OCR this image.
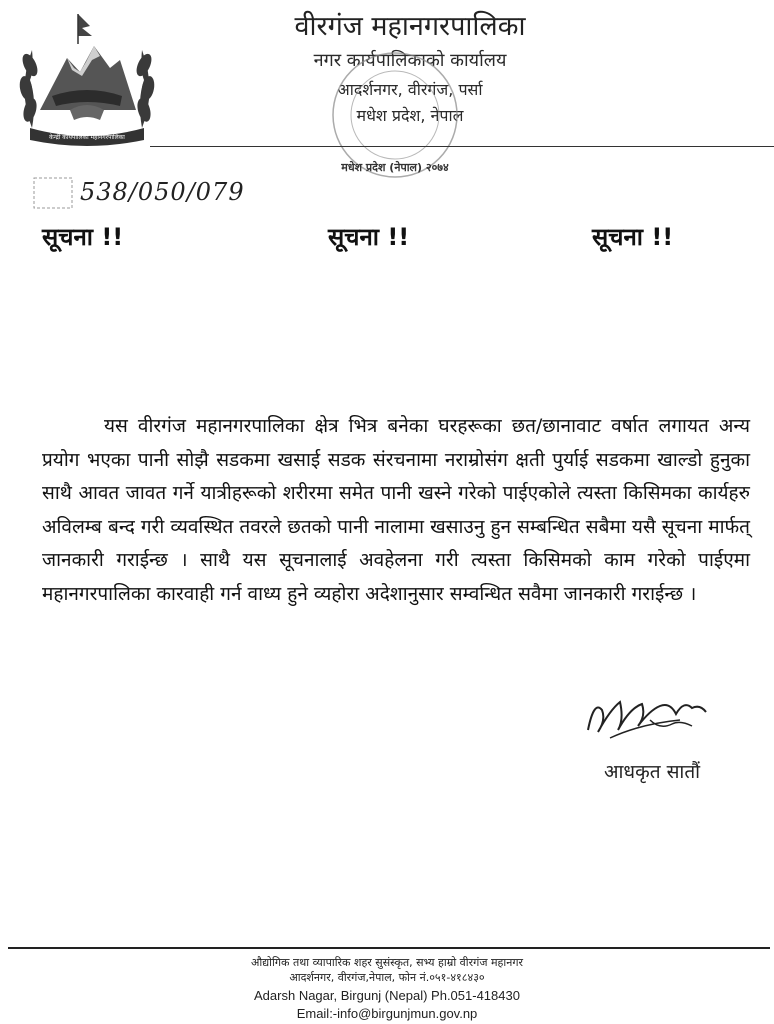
केन्द्री कार्यपालिका महानगरपालिका
वीरगंज महानगरपालिका
नगर कार्यपालिकाको कार्यालय
आदर्शनगर, वीरगंज, पर्सा
मधेश प्रदेश, नेपाल
मधेश प्रदेश (नेपाल) २०७४
538/050/079
सूचना !!	सूचना !!	सूचना !!

यस वीरगंज महानगरपालिका क्षेत्र भित्र बनेका घरहरूका छत/छानावाट वर्षात लगायत अन्य प्रयोग भएका पानी सोझै सडकमा खसाई सडक संरचनामा नराम्रोसंग क्षती पुर्याई सडकमा खाल्डो हुनुका साथै आवत जावत गर्ने यात्रीहरूको शरीरमा समेत पानी खस्ने गरेको पाईएकोले त्यस्ता किसिमका कार्यहरु अविलम्ब बन्द गरी व्यवस्थित तवरले छतको पानी नालामा खसाउनु हुन सम्बन्धित सबैमा यसै सूचना मार्फत् जानकारी गराईन्छ । साथै यस सूचनालाई अवहेलना गरी त्यस्ता किसिमको काम गरेको पाईएमा महानगरपालिका कारवाही गर्न वाध्य हुने व्यहोरा अदेशानुसार सम्वन्धित सवैमा जानकारी गराईन्छ ।

आधकृत सातौं
औद्योगिक तथा व्यापारिक शहर सुसंस्कृत, सभ्य हाम्रो वीरगंज महानगर
आदर्शनगर, वीरगंज,नेपाल, फोन नं.०५१-४१८४३०
Adarsh Nagar, Birgunj (Nepal) Ph.051-418430
Email:-info@birgunjmun.gov.np
